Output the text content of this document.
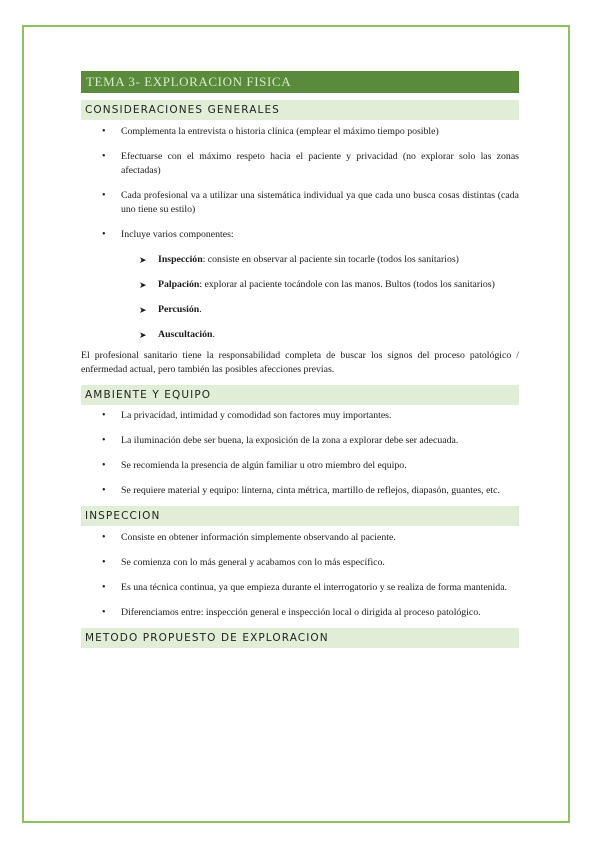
TEMA 3- EXPLORACION FISICA
CONSIDERACIONES GENERALES
• Complementa la entrevista o historia clínica (emplear el máximo tiempo posible)
• Efectuarse con el máximo respeto hacia el paciente y privacidad (no explorar solo las zonas afectadas)
• Cada profesional va a utilizar una sistemática individual ya que cada uno busca cosas distintas (cada uno tiene su estilo)
• Incluye varios componentes:
➤ Inspección: consiste en observar al paciente sin tocarle (todos los sanitarios)
➤ Palpación: explorar al paciente tocándole con las manos. Bultos (todos los sanitarios)
➤ Percusión.
➤ Auscultación.

El profesional sanitario tiene la responsabilidad completa de buscar los signos del proceso patológico / enfermedad actual, pero también las posibles afecciones previas.

AMBIENTE Y EQUIPO
• La privacidad, intimidad y comodidad son factores muy importantes.
• La iluminación debe ser buena, la exposición de la zona a explorar debe ser adecuada.
• Se recomienda la presencia de algún familiar u otro miembro del equipo.
• Se requiere material y equipo: linterna, cinta métrica, martillo de reflejos, diapasón, guantes, etc.
INSPECCION
• Consiste en obtener información simplemente observando al paciente.
• Se comienza con lo más general y acabamos con lo más específico.
• Es una técnica continua, ya que empieza durante el interrogatorio y se realiza de forma mantenida.
• Diferenciamos entre: inspección general e inspección local o dirigida al proceso patológico.
METODO PROPUESTO DE EXPLORACION
